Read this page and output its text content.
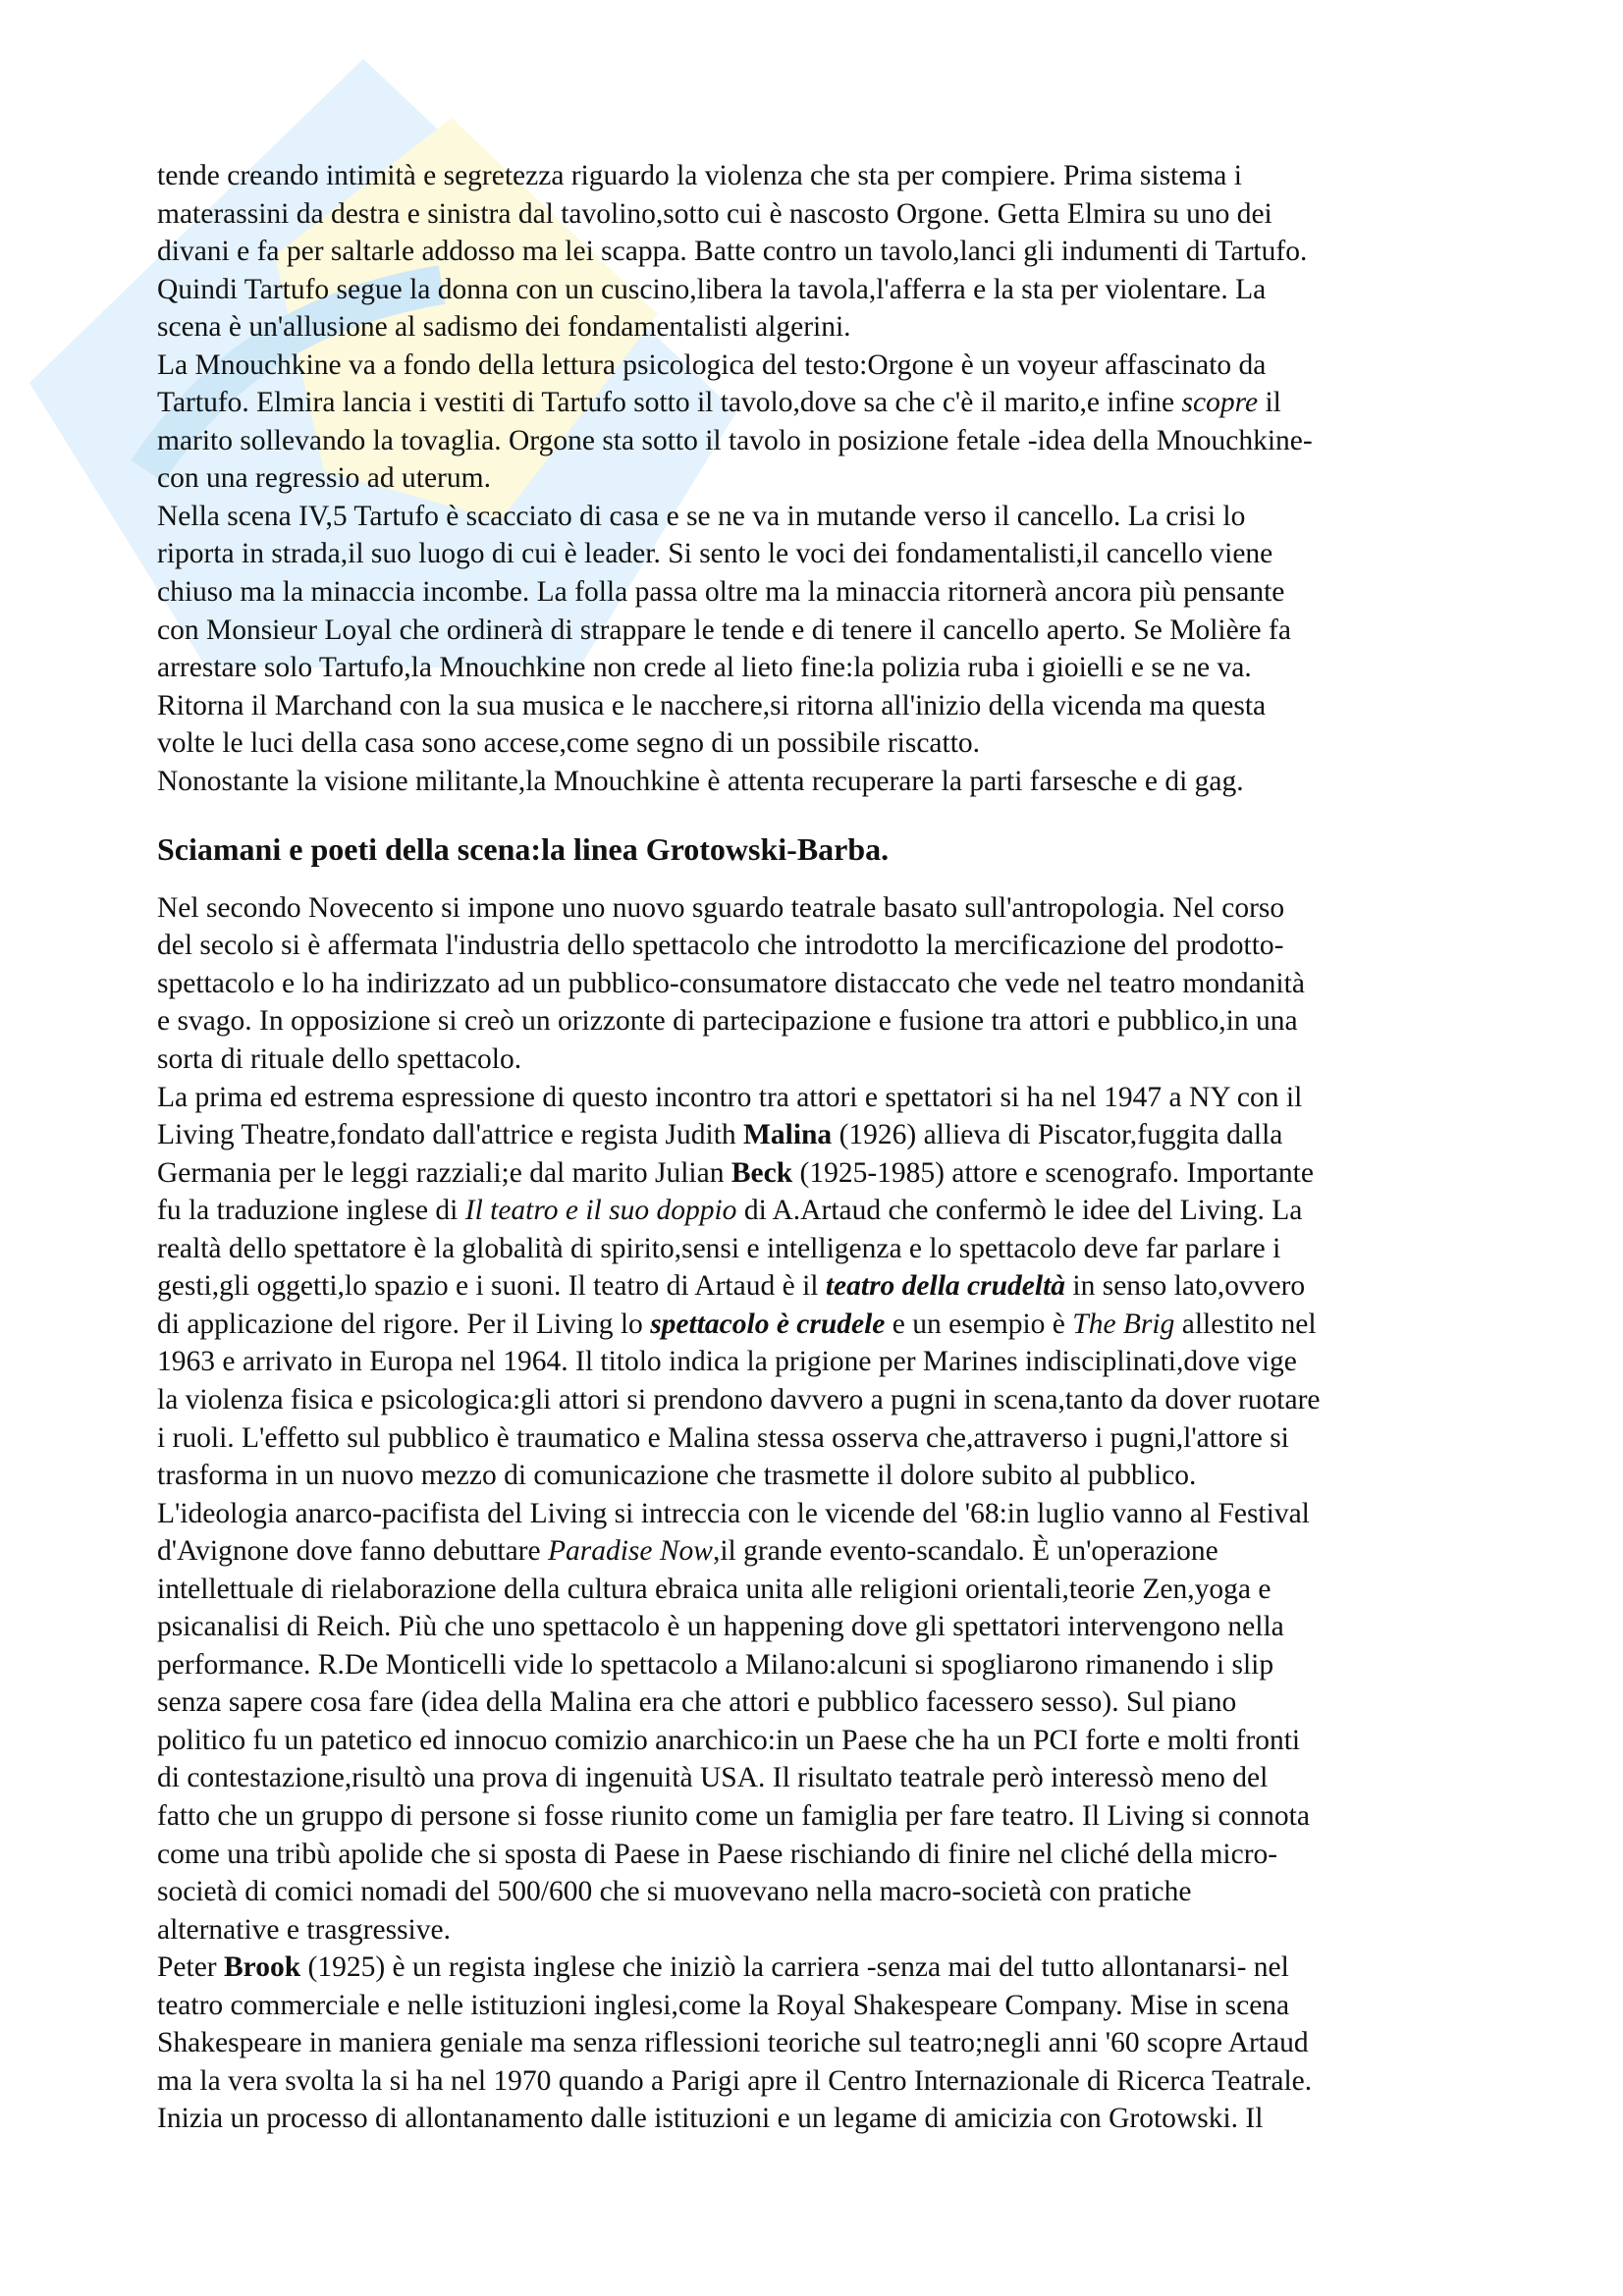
tende creando intimità e segretezza riguardo la violenza che sta per compiere. Prima sistema i
materassini da destra e sinistra dal tavolino,sotto cui è nascosto Orgone. Getta Elmira su uno dei
divani e fa per saltarle addosso ma lei scappa. Batte contro un tavolo,lanci gli indumenti di Tartufo.
Quindi Tartufo segue la donna con un cuscino,libera la tavola,l'afferra e la sta per violentare. La
scena è un'allusione al sadismo dei fondamentalisti algerini.
La Mnouchkine va a fondo della lettura psicologica del testo:Orgone è un voyeur affascinato da
Tartufo. Elmira lancia i vestiti di Tartufo sotto il tavolo,dove sa che c'è il marito,e infine scopre il
marito sollevando la tovaglia. Orgone sta sotto il tavolo in posizione fetale -idea della Mnouchkine-
con una regressio ad uterum.
Nella scena IV,5 Tartufo è scacciato di casa e se ne va in mutande verso il cancello. La crisi lo
riporta in strada,il suo luogo di cui è leader. Si sento le voci dei fondamentalisti,il cancello viene
chiuso ma la minaccia incombe. La folla passa oltre ma la minaccia ritornerà ancora più pensante
con Monsieur Loyal che ordinerà di strappare le tende e di tenere il cancello aperto. Se Molière fa
arrestare solo Tartufo,la Mnouchkine non crede al lieto fine:la polizia ruba i gioielli e se ne va.
Ritorna il Marchand con la sua musica e le nacchere,si ritorna all'inizio della vicenda ma questa
volte le luci della casa sono accese,come segno di un possibile riscatto.
Nonostante la visione militante,la Mnouchkine è attenta recuperare la parti farsesche e di gag.
Sciamani e poeti della scena:la linea Grotowski-Barba.
Nel secondo Novecento si impone uno nuovo sguardo teatrale basato sull'antropologia. Nel corso
del secolo si è affermata l'industria dello spettacolo che introdotto la mercificazione del prodotto-
spettacolo e lo ha indirizzato ad un pubblico-consumatore distaccato che vede nel teatro mondanità
e svago. In opposizione si creò un orizzonte di partecipazione e fusione tra attori e pubblico,in una
sorta di rituale dello spettacolo.
La prima ed estrema espressione di questo incontro tra attori e spettatori si ha nel 1947 a NY con il
Living Theatre,fondato dall'attrice e regista Judith Malina (1926) allieva di Piscator,fuggita dalla
Germania per le leggi razziali;e dal marito Julian Beck (1925-1985) attore e scenografo. Importante
fu la traduzione inglese di Il teatro e il suo doppio di A.Artaud che confermò le idee del Living. La
realtà dello spettatore è la globalità di spirito,sensi e intelligenza e lo spettacolo deve far parlare i
gesti,gli oggetti,lo spazio e i suoni. Il teatro di Artaud è il teatro della crudeltà in senso lato,ovvero
di applicazione del rigore. Per il Living lo spettacolo è crudele e un esempio è The Brig allestito nel
1963 e arrivato in Europa nel 1964. Il titolo indica la prigione per Marines indisciplinati,dove vige
la violenza fisica e psicologica:gli attori si prendono davvero a pugni in scena,tanto da dover ruotare
i ruoli. L'effetto sul pubblico è traumatico e Malina stessa osserva che,attraverso i pugni,l'attore si
trasforma in un nuovo mezzo di comunicazione che trasmette il dolore subito al pubblico.
L'ideologia anarco-pacifista del Living si intreccia con le vicende del '68:in luglio vanno al Festival
d'Avignone dove fanno debuttare Paradise Now,il grande evento-scandalo. È un'operazione
intellettuale di rielaborazione della cultura ebraica unita alle religioni orientali,teorie Zen,yoga e
psicanalisi di Reich. Più che uno spettacolo è un happening dove gli spettatori intervengono nella
performance. R.De Monticelli vide lo spettacolo a Milano:alcuni si spogliarono rimanendo i slip
senza sapere cosa fare (idea della Malina era che attori e pubblico facessero sesso). Sul piano
politico fu un patetico ed innocuo comizio anarchico:in un Paese che ha un PCI forte e molti fronti
di contestazione,risultò una prova di ingenuità USA. Il risultato teatrale però interessò meno del
fatto che un gruppo di persone si fosse riunito come un famiglia per fare teatro. Il Living si connota
come una tribù apolide che si sposta di Paese in Paese rischiando di finire nel cliché della micro-
società di comici nomadi del 500/600 che si muovevano nella macro-società con pratiche
alternative e trasgressive.
Peter Brook (1925) è un regista inglese che iniziò la carriera -senza mai del tutto allontanarsi- nel
teatro commerciale e nelle istituzioni inglesi,come la Royal Shakespeare Company. Mise in scena
Shakespeare in maniera geniale ma senza riflessioni teoriche sul teatro;negli anni '60 scopre Artaud
ma la vera svolta la si ha nel 1970 quando a Parigi apre il Centro Internazionale di Ricerca Teatrale.
Inizia un processo di allontanamento dalle istituzioni e un legame di amicizia con Grotowski. Il
